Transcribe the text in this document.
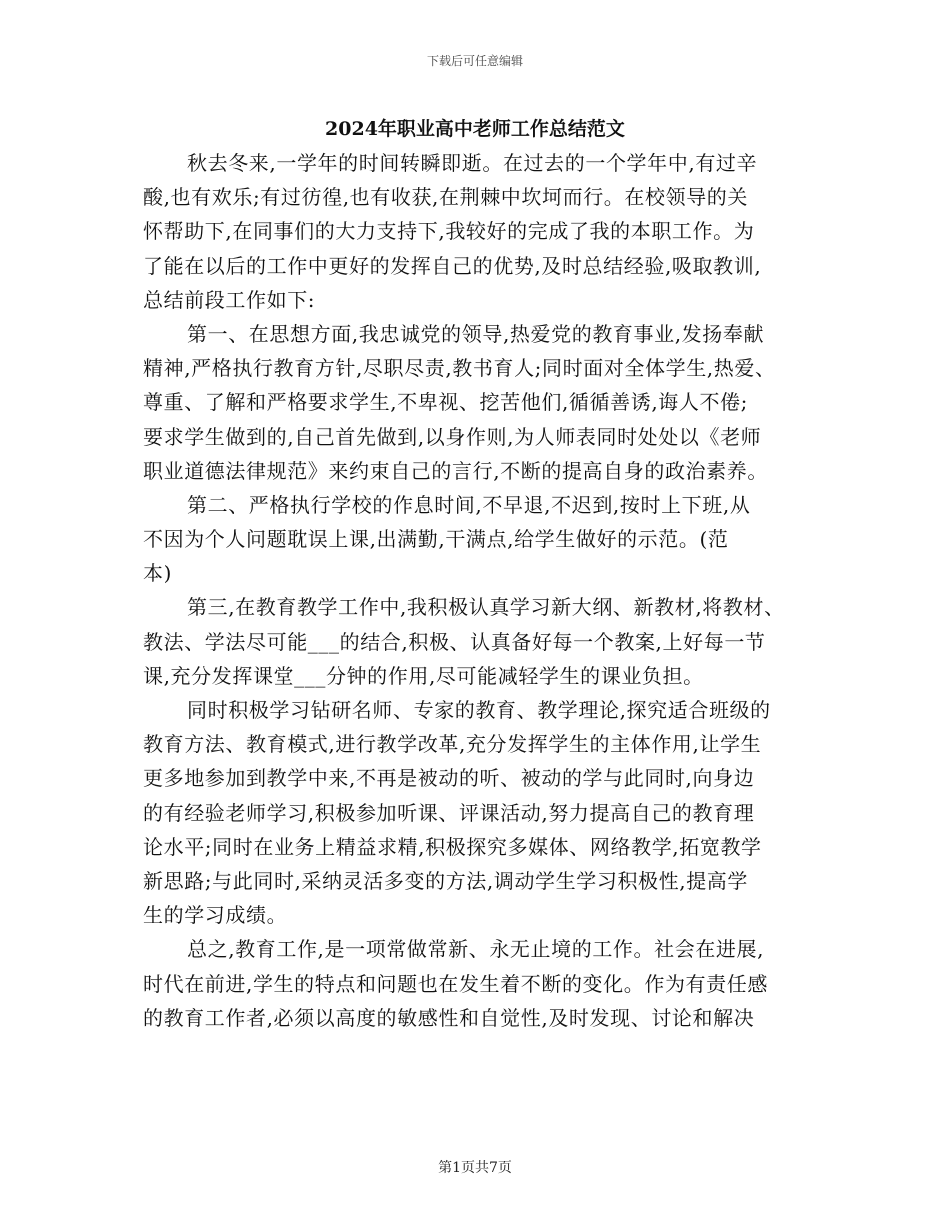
下载后可任意编辑
2024年职业高中老师工作总结范文
秋去冬来,一学年的时间转瞬即逝。在过去的一个学年中,有过辛
酸,也有欢乐;有过彷徨,也有收获,在荆棘中坎坷而行。在校领导的关
怀帮助下,在同事们的大力支持下,我较好的完成了我的本职工作。为
了能在以后的工作中更好的发挥自己的优势,及时总结经验,吸取教训,
总结前段工作如下:
第一、在思想方面,我忠诚党的领导,热爱党的教育事业,发扬奉献
精神,严格执行教育方针,尽职尽责,教书育人;同时面对全体学生,热爱、
尊重、了解和严格要求学生,不卑视、挖苦他们,循循善诱,诲人不倦;
要求学生做到的,自己首先做到,以身作则,为人师表同时处处以《老师
职业道德法律规范》来约束自己的言行,不断的提高自身的政治素养。
第二、严格执行学校的作息时间,不早退,不迟到,按时上下班,从
不因为个人问题耽误上课,出满勤,干满点,给学生做好的示范。(范
本)
第三,在教育教学工作中,我积极认真学习新大纲、新教材,将教材、
教法、学法尽可能___的结合,积极、认真备好每一个教案,上好每一节
课,充分发挥课堂___分钟的作用,尽可能减轻学生的课业负担。
同时积极学习钻研名师、专家的教育、教学理论,探究适合班级的
教育方法、教育模式,进行教学改革,充分发挥学生的主体作用,让学生
更多地参加到教学中来,不再是被动的听、被动的学与此同时,向身边
的有经验老师学习,积极参加听课、评课活动,努力提高自己的教育理
论水平;同时在业务上精益求精,积极探究多媒体、网络教学,拓宽教学
新思路;与此同时,采纳灵活多变的方法,调动学生学习积极性,提高学
生的学习成绩。
总之,教育工作,是一项常做常新、永无止境的工作。社会在进展,
时代在前进,学生的特点和问题也在发生着不断的变化。作为有责任感
的教育工作者,必须以高度的敏感性和自觉性,及时发现、讨论和解决
第1页共7页
